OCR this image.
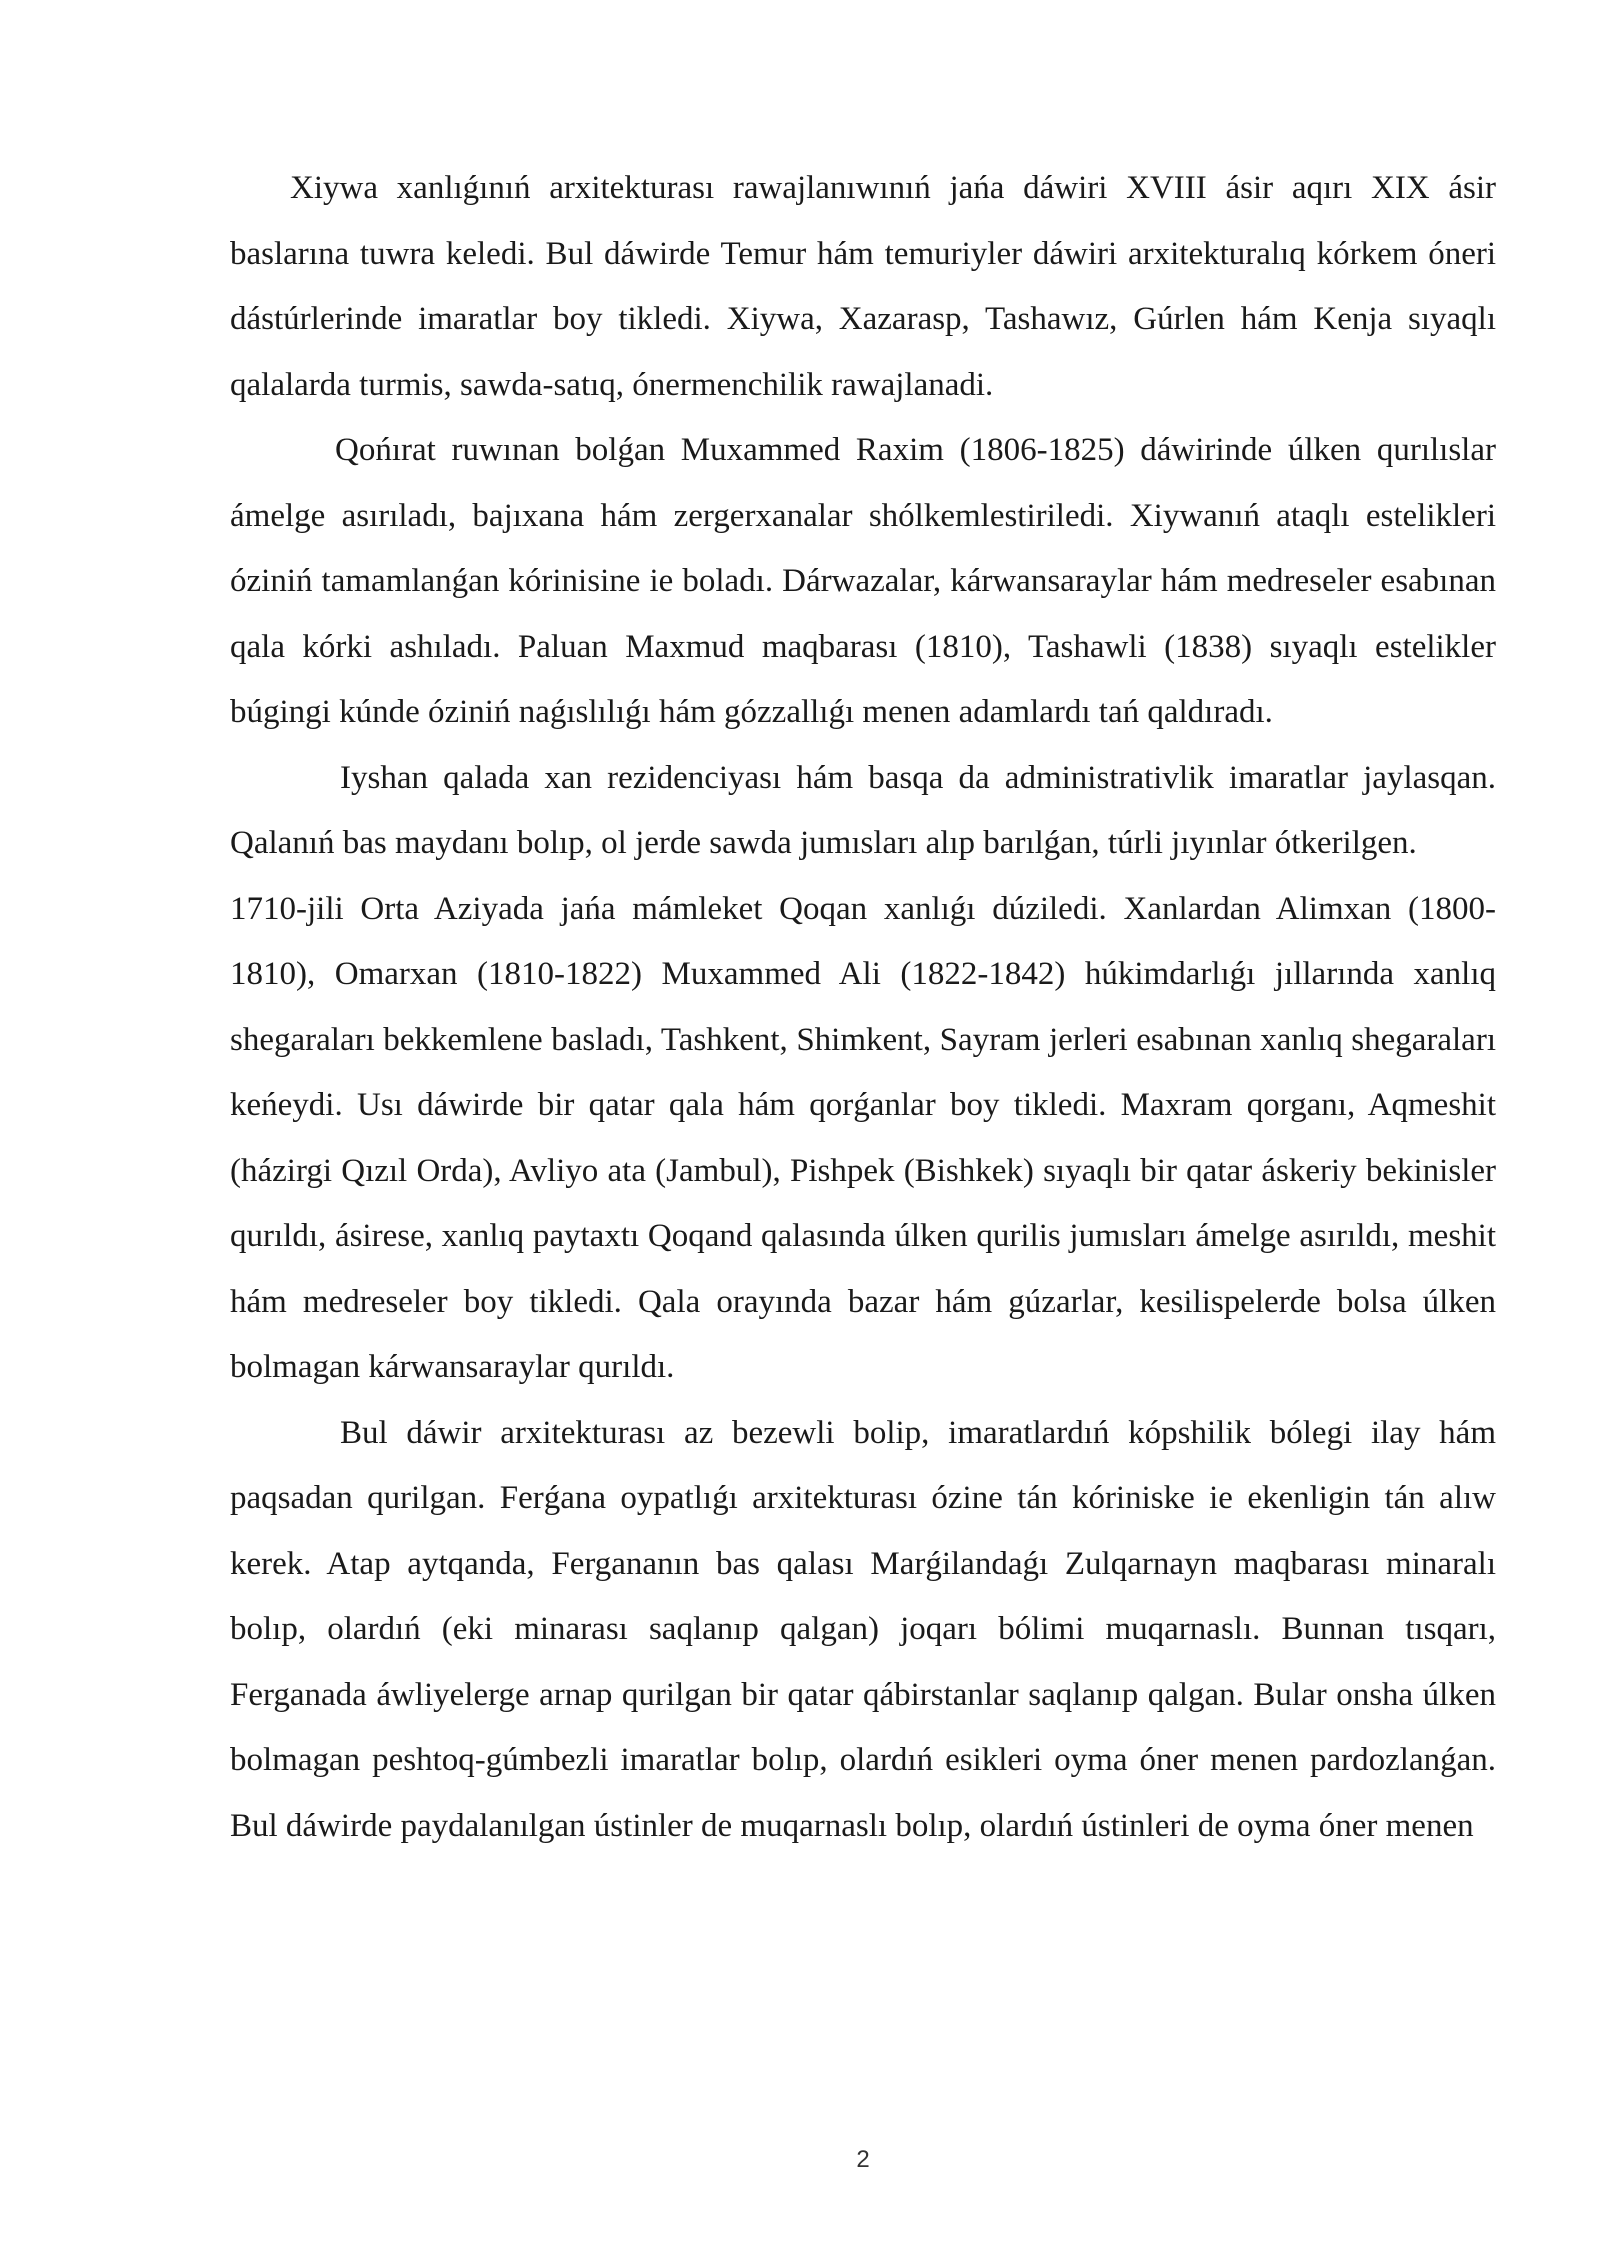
Xiywa xanlıǵınıń arxitekturası rawajlanıwınıń jańa dáwiri XVIII ásir aqırı XIX ásir baslarına tuwra keledi. Bul dáwirde Temur hám temuriyler dáwiri arxitekturalıq kórkem óneri dástúrlerinde imaratlar boy tikledi. Xiywa, Xazarasp, Tashawız, Gúrlen hám Kenja sıyaqlı qalalarda turmis, sawda-satıq, ónermenchilik rawajlanadi.

Qońırat ruwınan bolǵan Muxammed Raxim (1806-1825) dáwirinde úlken qurılıslar ámelge asırıladı, bajıxana hám zergerxanalar shólkemlestiriledi. Xiywanıń ataqlı estelikleri óziniń tamamlanǵan kórinisine ie boladı. Dárwazalar, kárwansaraylar hám medreseler esabınan qala kórki ashıladı. Paluan Maxmud maqbarası (1810), Tashawli (1838) sıyaqlı estelikler búgingi kúnde óziniń naǵıslılıǵı hám gózzallıǵı menen adamlardı tań qaldıradı.

Iyshan qalada xan rezidenciyası hám basqa da administrativlik imaratlar jaylasqan. Qalanıń bas maydanı bolıp, ol jerde sawda jumısları alıp barılǵan, túrli jıyınlar ótkerilgen.

1710-jili Orta Aziyada jańa mámleket Qoqan xanlıǵı dúziledi. Xanlardan Alimxan (1800-1810), Omarxan (1810-1822) Muxammed Ali (1822-1842) húkimdarlıǵı jıllarında xanlıq shegaraları bekkemlene basladı, Tashkent, Shimkent, Sayram jerleri esabınan xanlıq shegaraları keńeydi. Usı dáwirde bir qatar qala hám qorǵanlar boy tikledi. Maxram qorganı, Aqmeshit (házirgi Qızıl Orda), Avliyo ata (Jambul), Pishpek (Bishkek) sıyaqlı bir qatar áskeriy bekinisler qurıldı, ásirese, xanlıq paytaxtı Qoqand qalasında úlken qurilis jumısları ámelge asırıldı, meshit hám medreseler boy tikledi. Qala orayında bazar hám gúzarlar, kesilispelerde bolsa úlken bolmagan kárwansaraylar qurıldı.

Bul dáwir arxitekturası az bezewli bolip, imaratlardıń kópshilik bólegi ilay hám paqsadan qurilgan. Ferǵana oypatlıǵı arxitekturası ózine tán kóriniske ie ekenligin tán alıw kerek. Atap aytqanda, Fergananın bas qalası Marǵilandaǵı Zulqarnayn maqbarası minaralı bolıp, olardıń (eki minarası saqlanıp qalgan) joqarı bólimi muqarnaslı. Bunnan tısqarı, Ferganada áwliyelerge arnap qurilgan bir qatar qábirstanlar saqlanıp qalgan. Bular onsha úlken bolmagan peshtoq-gúmbezli imaratlar bolıp, olardıń esikleri oyma óner menen pardozlanǵan. Bul dáwirde paydalanılgan ústinler de muqarnaslı bolıp, olardıń ústinleri de oyma óner menen

2
